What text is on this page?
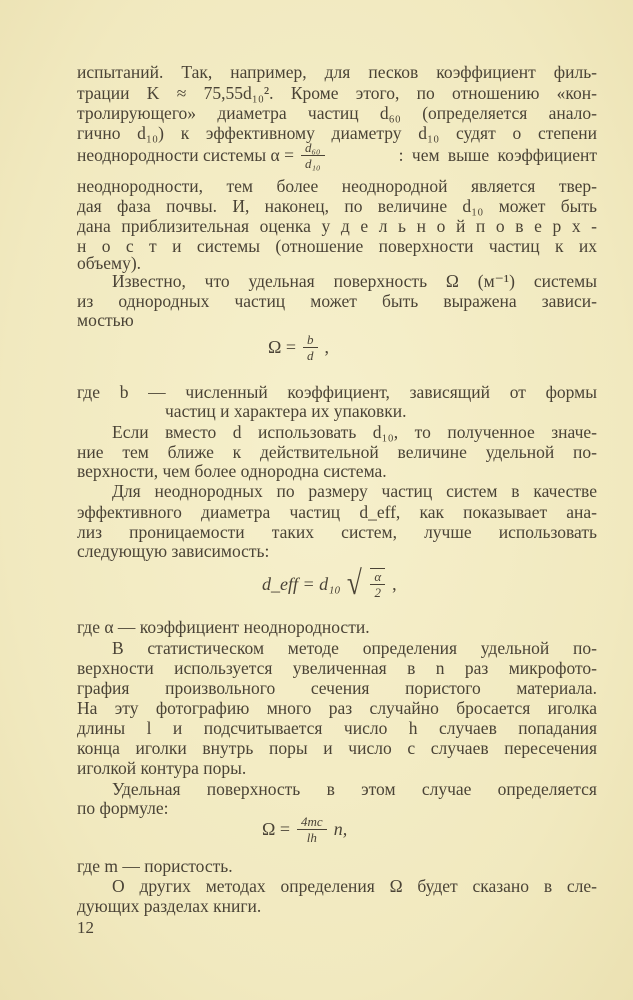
испытаний. Так, например, для песков коэффициент филь-
трации K ≈ 75,55d₁₀². Кроме этого, по отношению «кон-
тролирующего» диаметра частиц d₆₀ (определяется анало-
гично d₁₀) к эффективному диаметру d₁₀ судят о степени
неоднородности, тем более неоднородной является твер-
дая фаза почвы. И, наконец, по величине d₁₀ может быть
дана приблизительная оценка у д е л ь н о й п о в е р х -
н о с т и системы (отношение поверхности частиц к их
объему).
Известно, что удельная поверхность Ω (м⁻¹) системы
из однородных частиц может быть выражена зависи-
мостью
где b — численный коэффициент, зависящий от формы
частиц и характера их упаковки.
Если вместо d использовать d₁₀, то полученное значе-
ние тем ближе к действительной величине удельной по-
верхности, чем более однородна система.
Для неоднородных по размеру частиц систем в качестве
эффективного диаметра частиц d_eff, как показывает ана-
лиз проницаемости таких систем, лучше использовать
следующую зависимость:
где α — коэффициент неоднородности.
В статистическом методе определения удельной по-
верхности используется увеличенная в n раз микрофото-
графия произвольного сечения пористого материала.
На эту фотографию много раз случайно бросается иголка
длины l и подсчитывается число h случаев попадания
конца иголки внутрь поры и число c случаев пересечения
иголкой контура поры.
Удельная поверхность в этом случае определяется
по формуле:
где m — пористость.
О других методах определения Ω будет сказано в сле-
дующих разделах книги.
неоднородности системы $\alpha = \frac{\text{d₆₀}}{\text{d₁₀}}$	: чем выше коэффициент
$\Omega = \frac{b}{d}$ ,
d_eff = d₁₀ √ $\frac{\alpha}{2}$ ,
$\Omega = \frac{4mc}{lh} n$,
12
